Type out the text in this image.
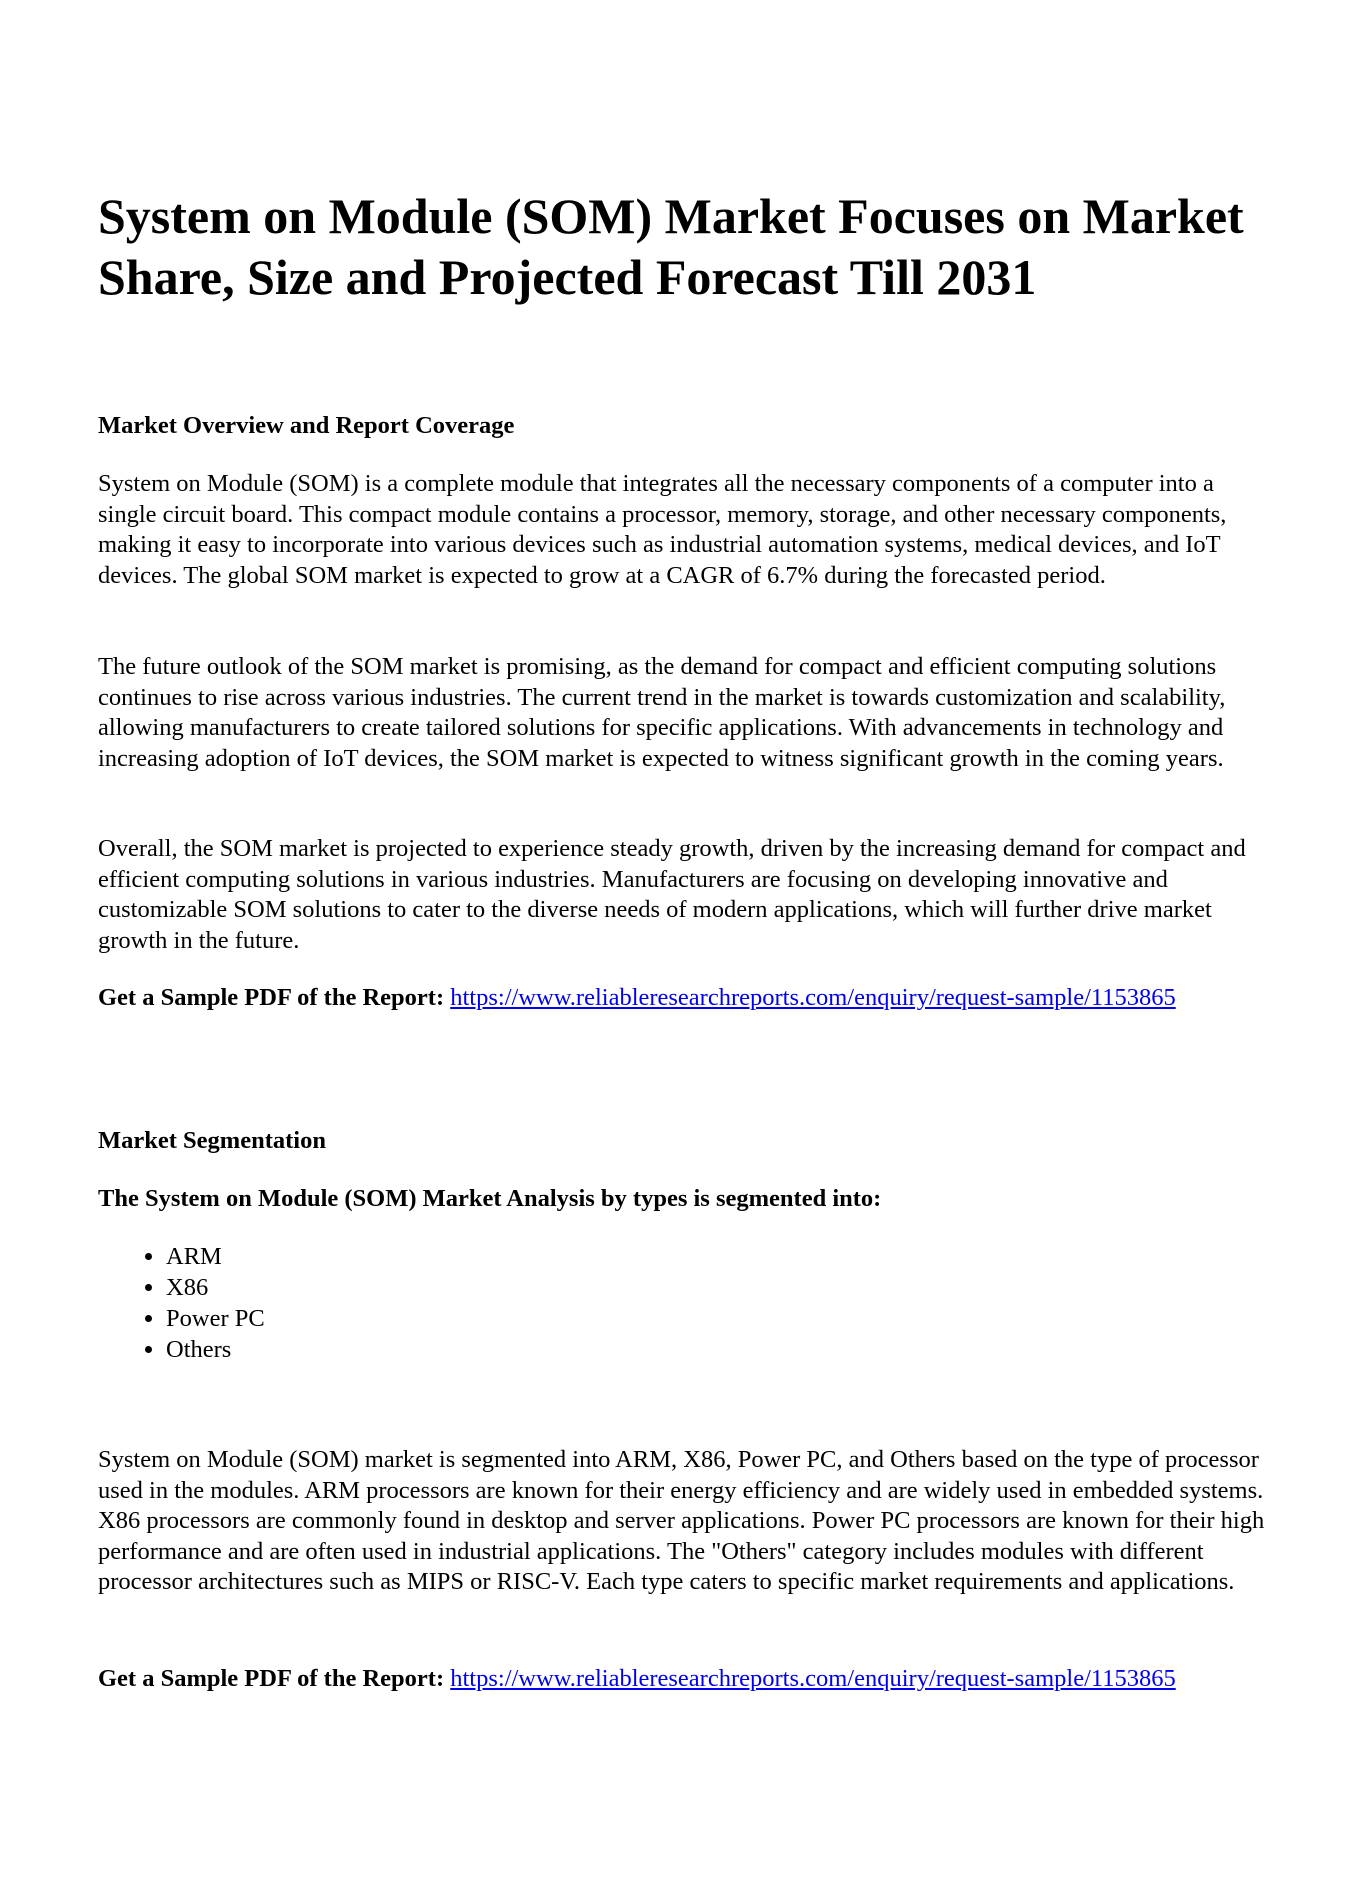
System on Module (SOM) Market Focuses on Market Share, Size and Projected Forecast Till 2031

Market Overview and Report Coverage

System on Module (SOM) is a complete module that integrates all the necessary components of a computer into a single circuit board. This compact module contains a processor, memory, storage, and other necessary components, making it easy to incorporate into various devices such as industrial automation systems, medical devices, and IoT devices. The global SOM market is expected to grow at a CAGR of 6.7% during the forecasted period.

The future outlook of the SOM market is promising, as the demand for compact and efficient computing solutions continues to rise across various industries. The current trend in the market is towards customization and scalability, allowing manufacturers to create tailored solutions for specific applications. With advancements in technology and increasing adoption of IoT devices, the SOM market is expected to witness significant growth in the coming years.

Overall, the SOM market is projected to experience steady growth, driven by the increasing demand for compact and efficient computing solutions in various industries. Manufacturers are focusing on developing innovative and customizable SOM solutions to cater to the diverse needs of modern applications, which will further drive market growth in the future.

Get a Sample PDF of the Report: https://www.reliableresearchreports.com/enquiry/request-sample/1153865

Market Segmentation

The System on Module (SOM) Market Analysis by types is segmented into:

• ARM
• X86
• Power PC
• Others

System on Module (SOM) market is segmented into ARM, X86, Power PC, and Others based on the type of processor used in the modules. ARM processors are known for their energy efficiency and are widely used in embedded systems. X86 processors are commonly found in desktop and server applications. Power PC processors are known for their high performance and are often used in industrial applications. The "Others" category includes modules with different processor architectures such as MIPS or RISC-V. Each type caters to specific market requirements and applications.

Get a Sample PDF of the Report: https://www.reliableresearchreports.com/enquiry/request-sample/1153865
